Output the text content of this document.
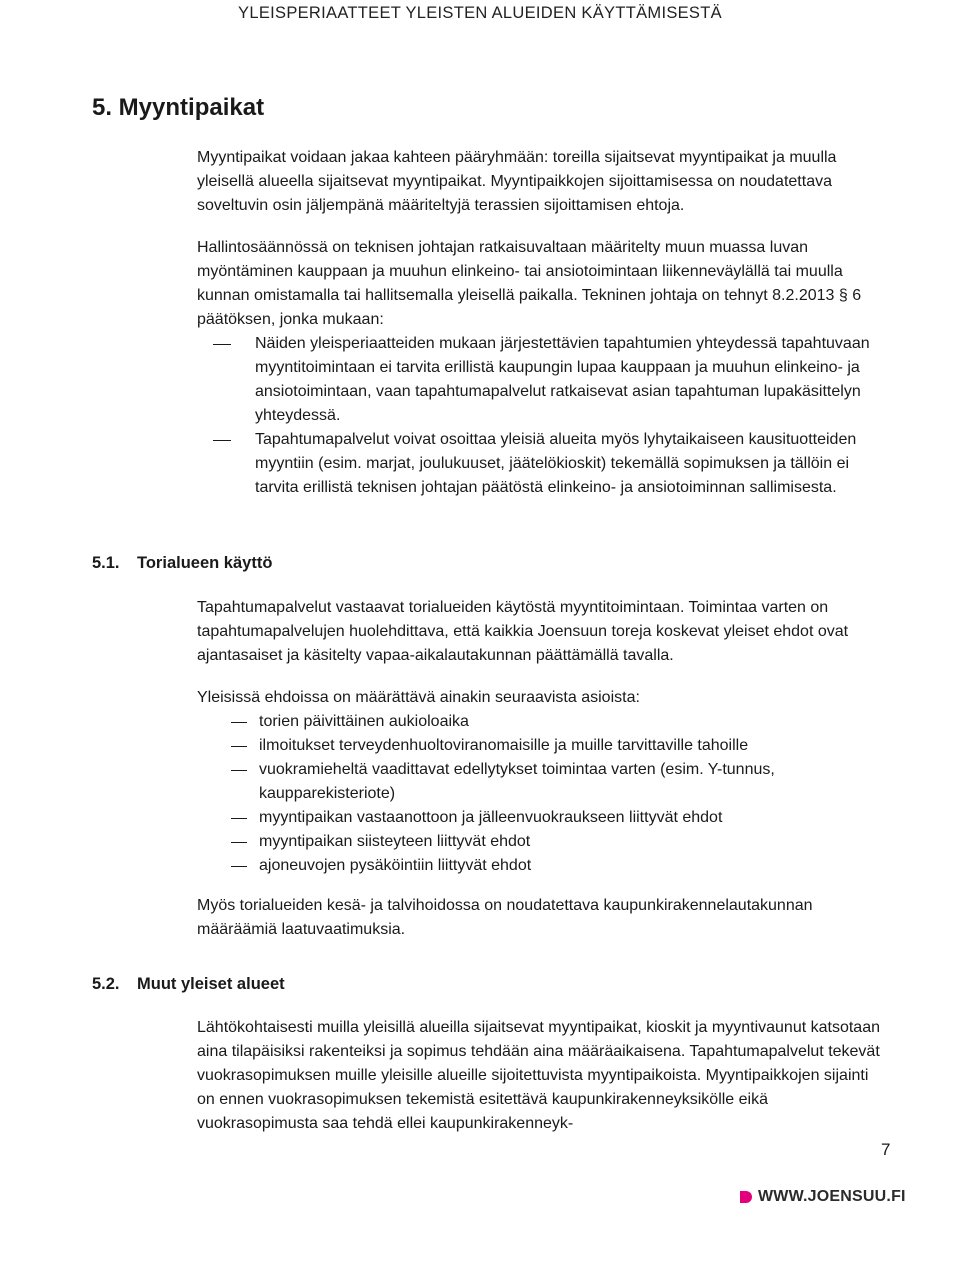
YLEISPERIAATTEET YLEISTEN ALUEIDEN KÄYTTÄMISESTÄ
5. Myyntipaikat

Myyntipaikat voidaan jakaa kahteen pääryhmään: toreilla sijaitsevat myyntipaikat ja muulla yleisellä alueella sijaitsevat myyntipaikat. Myyntipaikkojen sijoittamisessa on noudatettava soveltuvin osin jäljempänä määriteltyjä terassien sijoittamisen ehtoja.

Hallintosäännössä on teknisen johtajan ratkaisuvaltaan määritelty muun muassa luvan myöntäminen kauppaan ja muuhun elinkeino- tai ansiotoimintaan liikenneväylällä tai muulla kunnan omistamalla tai hallitsemalla yleisellä paikalla. Tekninen johtaja on tehnyt 8.2.2013 § 6 päätöksen, jonka mukaan:

Näiden yleisperiaatteiden mukaan järjestettävien tapahtumien yhteydessä tapahtuvaan myyntitoimintaan ei tarvita erillistä kaupungin lupaa kauppaan ja muuhun elinkeino- ja ansiotoimintaan, vaan tapahtumapalvelut ratkaisevat asian tapahtuman lupakäsittelyn yhteydessä.
Tapahtumapalvelut voivat osoittaa yleisiä alueita myös lyhytaikaiseen kausituotteiden myyntiin (esim. marjat, joulukuuset, jäätelökioskit) tekemällä sopimuksen ja tällöin ei tarvita erillistä teknisen johtajan päätöstä elinkeino- ja ansiotoiminnan sallimisesta.
5.1. Torialueen käyttö

Tapahtumapalvelut vastaavat torialueiden käytöstä myyntitoimintaan. Toimintaa varten on tapahtumapalvelujen huolehdittava, että kaikkia Joensuun toreja koskevat yleiset ehdot ovat ajantasaiset ja käsitelty vapaa-aikalautakunnan päättämällä tavalla.

Yleisissä ehdoissa on määrättävä ainakin seuraavista asioista:

torien päivittäinen aukioloaika
ilmoitukset terveydenhuoltoviranomaisille ja muille tarvittaville tahoille
vuokramieheltä vaadittavat edellytykset toimintaa varten (esim. Y-tunnus, kaupparekisteriote)
myyntipaikan vastaanottoon ja jälleenvuokraukseen liittyvät ehdot
myyntipaikan siisteyteen liittyvät ehdot
ajoneuvojen pysäköintiin liittyvät ehdot

Myös torialueiden kesä- ja talvihoidossa on noudatettava kaupunkirakennelautakunnan määräämiä laatuvaatimuksia.

5.2. Muut yleiset alueet

Lähtökohtaisesti muilla yleisillä alueilla sijaitsevat myyntipaikat, kioskit ja myyntivaunut katsotaan aina tilapäisiksi rakenteiksi ja sopimus tehdään aina määräaikaisena. Tapahtumapalvelut tekevät vuokrasopimuksen muille yleisille alueille sijoitettuvista myyntipaikoista. Myyntipaikkojen sijainti on ennen vuokrasopimuksen tekemistä esitettävä kaupunkirakenneyksikölle eikä vuokrasopimusta saa tehdä ellei kaupunkirakenneyk-

7
WWW.JOENSUU.FI
